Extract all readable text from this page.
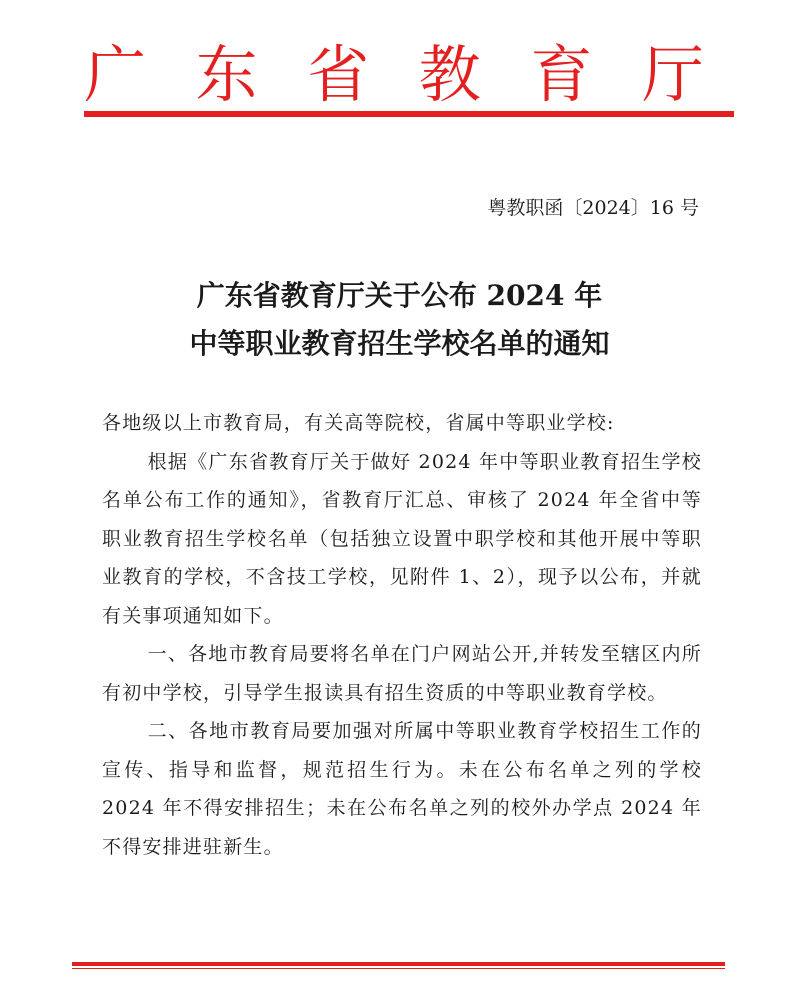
广 东 省 教 育 厅
粤教职函〔2024〕16 号
广东省教育厅关于公布 2024 年
中等职业教育招生学校名单的通知

各地级以上市教育局，有关高等院校，省属中等职业学校:

根据《广东省教育厅关于做好 2024 年中等职业教育招生学校名单公布工作的通知》，省教育厅汇总、审核了 2024 年全省中等职业教育招生学校名单（包括独立设置中职学校和其他开展中等职业教育的学校，不含技工学校，见附件 1、2），现予以公布，并就有关事项通知如下。

一、各地市教育局要将名单在门户网站公开,并转发至辖区内所有初中学校，引导学生报读具有招生资质的中等职业教育学校。

二、各地市教育局要加强对所属中等职业教育学校招生工作的宣传、指导和监督，规范招生行为。未在公布名单之列的学校 2024 年不得安排招生；未在公布名单之列的校外办学点 2024 年不得安排进驻新生。
